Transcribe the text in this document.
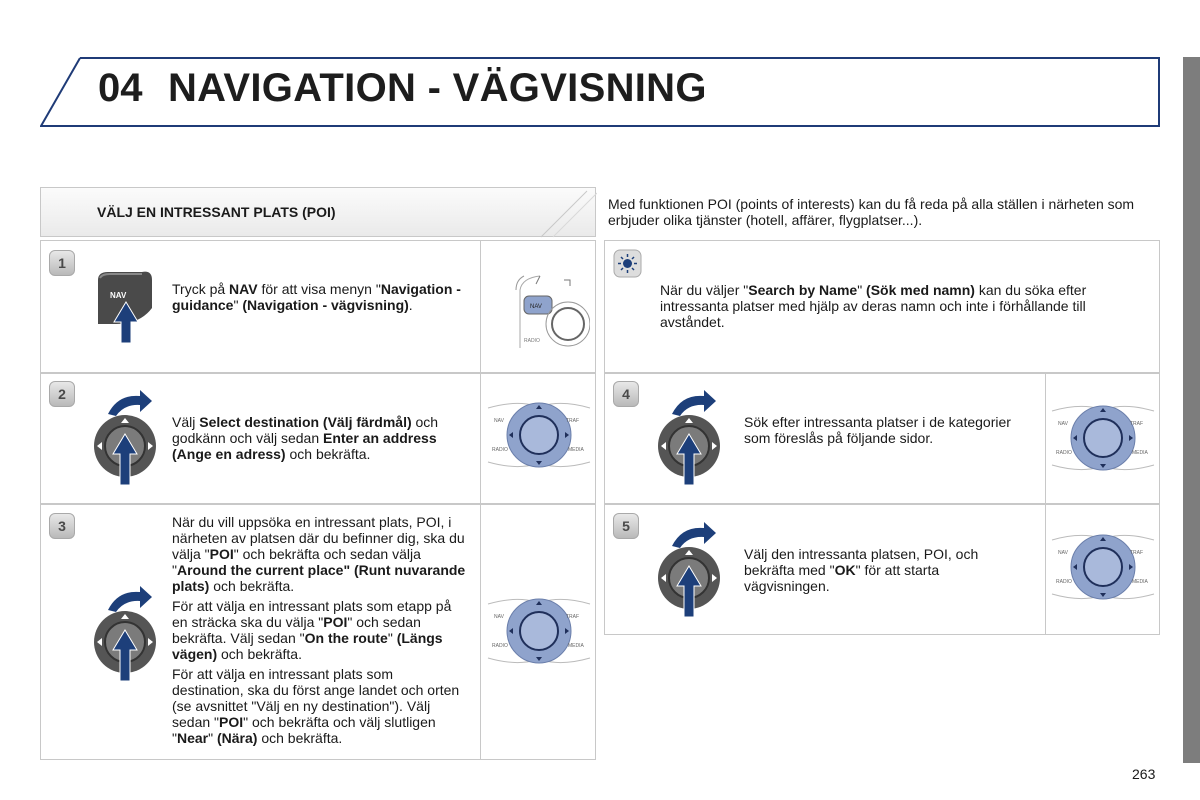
04 NAVIGATION - VÄGVISNING
VÄLJ EN INTRESSANT PLATS (POI)	Med funktionen POI (points of interests) kan du få reda på alla ställen i närheten som erbjuder olika tjänster (hotell, affärer, flygplatser...).
1
NAV	Tryck på NAV för att visa menyn "Navigation - guidance" (Navigation - vägvisning).	NAV
RADIO
2
Välj Select destination (Välj färdmål) och godkänn och välj sedan Enter an address (Ange en adress) och bekräfta.
NAV	TRAF
RADIO	MEDIA
3	När du vill uppsöka en intressant plats, POI, i närheten av platsen där du befinner dig, ska du välja "POI" och bekräfta och sedan välja "Around the current place" (Runt nuvarande plats) och bekräfta.

För att välja en intressant plats som etapp på en sträcka ska du välja "POI" och sedan bekräfta. Välj sedan "On the route" (Längs vägen) och bekräfta.

För att välja en intressant plats som destination, ska du först ange landet och orten (se avsnittet "Välj en ny destination"). Välj sedan "POI" och bekräfta och välj slutligen "Near" (Nära) och bekräfta.

NAV	TRAF
RADIO	MEDIA
När du väljer "Search by Name" (Sök med namn) kan du söka efter intressanta platser med hjälp av deras namn och inte i förhållande till avståndet.
4
Sök efter intressanta platser i de kategorier som föreslås på följande sidor.
NAV	TRAF
RADIO	MEDIA
5
Välj den intressanta platsen, POI, och bekräfta med "OK" för att starta vägvisningen.
NAV	TRAF
RADIO	MEDIA
263
